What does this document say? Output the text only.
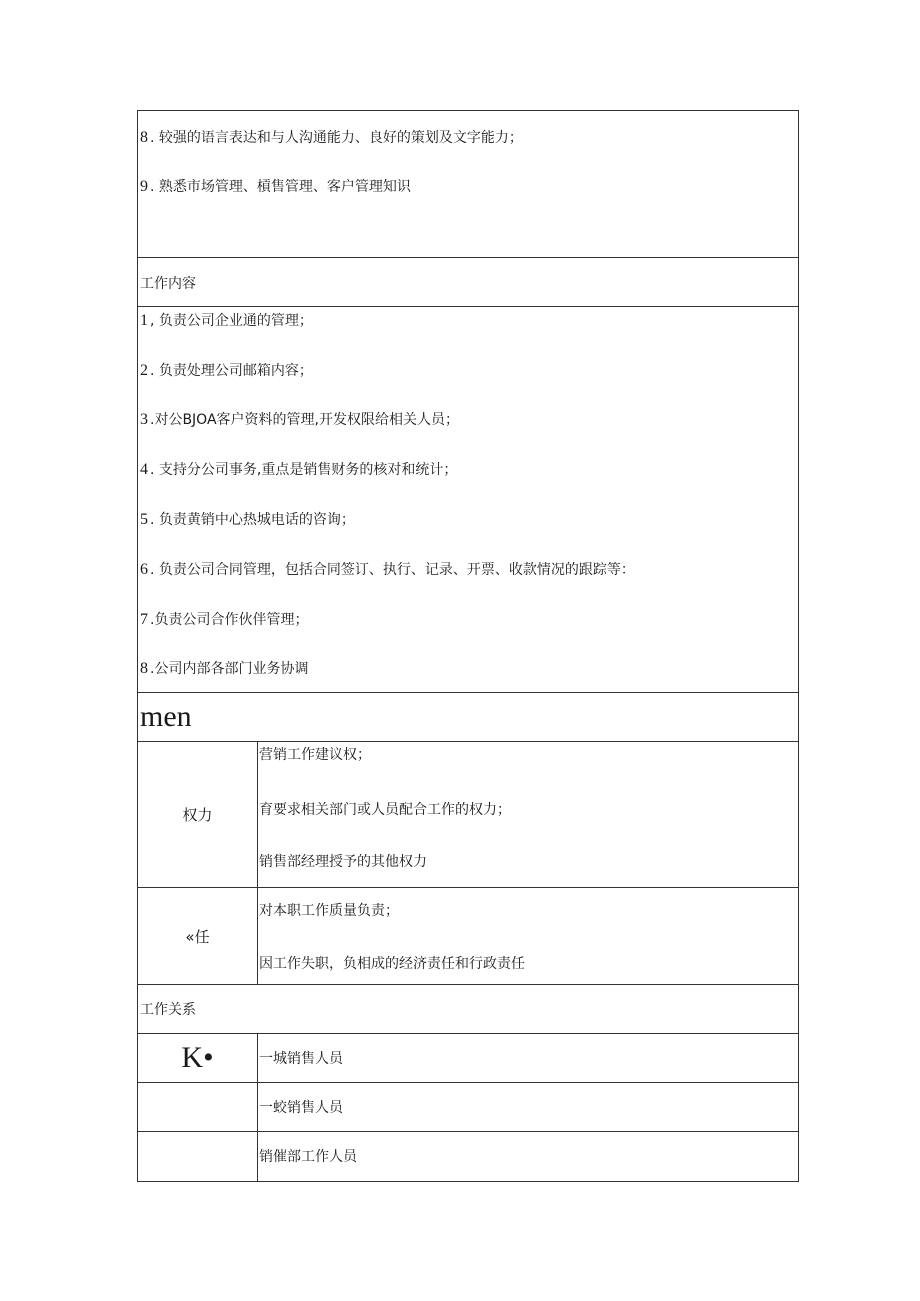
8 . 较强的语言表达和与人沟通能力、良好的策划及文字能力；
9 . 熟悉市场管理、槓售管理、客户管理知识
工作内容
1 , 负责公司企业通的管理；
2 . 负责处理公司邮箱内容；
3 .对公BJOA客户资料的管理,开发权限给相关人员；
4 . 支持分公司事务,重点是销售财务的核对和统计；
5 . 负责黄销中心热城电话的咨询；
6 . 负责公司合同管理，包括合同签订、执行、记录、开票、收款情况的跟踪等：
7 .负责公司合作伙伴管理；
8 .公司内部各部门业务协调
men
权力
营销工作建议权；
育要求相关部门或人员配合工作的权力；
销售部经理授予的其他权力
«任
对本职工作质量负责；
因工作失职，负相成的经济责任和行政责任
工作关系
K•	一城销售人员
一蛟销售人员
销催部工作人员
